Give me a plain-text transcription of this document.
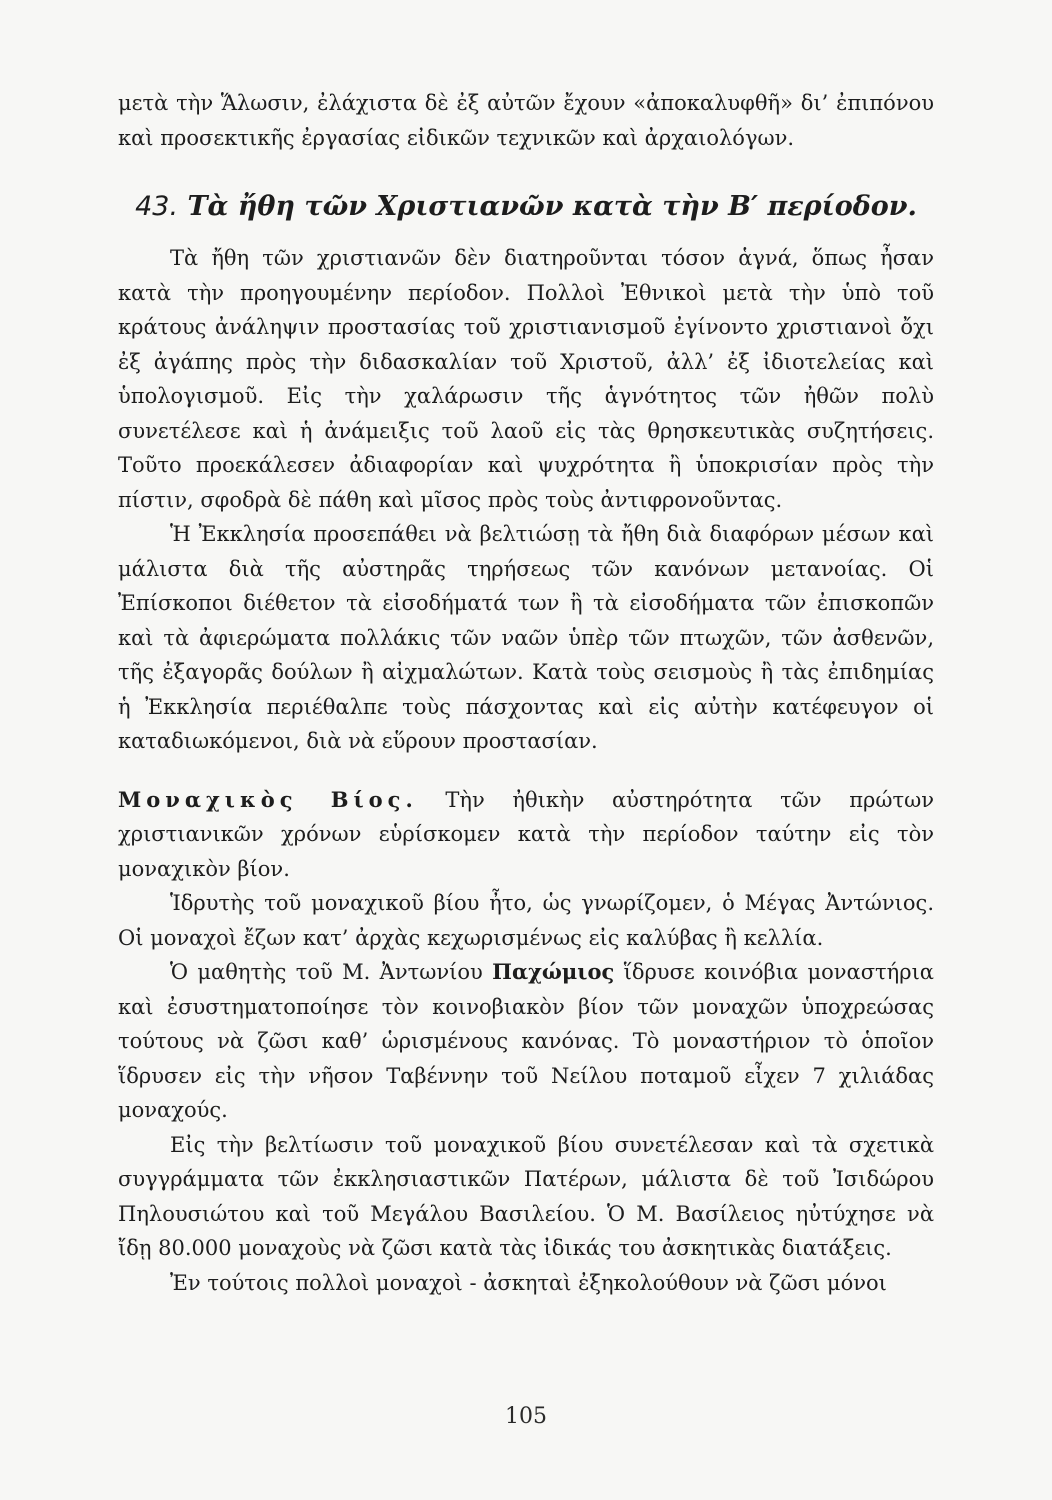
μετὰ τὴν Ἅλωσιν, ἐλάχιστα δὲ ἐξ αὐτῶν ἔχουν «ἀποκαλυφθῆ» δι’ ἐπιπόνου καὶ προσεκτικῆς ἐργασίας εἰδικῶν τεχνικῶν καὶ ἀρχαιολόγων.

43. Τὰ ἤθη τῶν Χριστιανῶν κατὰ τὴν Β′ περίοδον.

Τὰ ἤθη τῶν χριστιανῶν δὲν διατηροῦνται τόσον ἁγνά, ὅπως ἦσαν κατὰ τὴν προηγουμένην περίοδον. Πολλοὶ Ἐθνικοὶ μετὰ τὴν ὑπὸ τοῦ κράτους ἀνάληψιν προστασίας τοῦ χριστιανισμοῦ ἐγίνοντο χριστιανοὶ ὄχι ἐξ ἀγάπης πρὸς τὴν διδασκαλίαν τοῦ Χριστοῦ, ἀλλ’ ἐξ ἰδιοτελείας καὶ ὑπολογισμοῦ. Εἰς τὴν χαλάρωσιν τῆς ἁγνότητος τῶν ἠθῶν πολὺ συνετέλεσε καὶ ἡ ἀνάμειξις τοῦ λαοῦ εἰς τὰς θρησκευτικὰς συζητήσεις. Τοῦτο προεκάλεσεν ἀδιαφορίαν καὶ ψυχρότητα ἢ ὑποκρισίαν πρὸς τὴν πίστιν, σφοδρὰ δὲ πάθη καὶ μῖσος πρὸς τοὺς ἀντιφρονοῦντας.

Ἡ Ἐκκλησία προσεπάθει νὰ βελτιώσῃ τὰ ἤθη διὰ διαφόρων μέσων καὶ μάλιστα διὰ τῆς αὐστηρᾶς τηρήσεως τῶν κανόνων μετανοίας. Οἱ Ἐπίσκοποι διέθετον τὰ εἰσοδήματά των ἢ τὰ εἰσοδήματα τῶν ἐπισκοπῶν καὶ τὰ ἀφιερώματα πολλάκις τῶν ναῶν ὑπὲρ τῶν πτωχῶν, τῶν ἀσθενῶν, τῆς ἐξαγορᾶς δούλων ἢ αἰχμαλώτων. Κατὰ τοὺς σεισμοὺς ἢ τὰς ἐπιδημίας ἡ Ἐκκλησία περιέθαλπε τοὺς πάσχοντας καὶ εἰς αὐτὴν κατέφευγον οἱ καταδιωκόμενοι, διὰ νὰ εὕρουν προστασίαν.

Μοναχικὸς Βίος. Τὴν ἠθικὴν αὐστηρότητα τῶν πρώτων χριστιανικῶν χρόνων εὑρίσκομεν κατὰ τὴν περίοδον ταύτην εἰς τὸν μοναχικὸν βίον.

Ἱδρυτὴς τοῦ μοναχικοῦ βίου ἦτο, ὡς γνωρίζομεν, ὁ Μέγας Ἀντώνιος. Οἱ μοναχοὶ ἔζων κατ’ ἀρχὰς κεχωρισμένως εἰς καλύβας ἢ κελλία.

Ὁ μαθητὴς τοῦ Μ. Ἀντωνίου Παχώμιος ἵδρυσε κοινόβια μοναστήρια καὶ ἐσυστηματοποίησε τὸν κοινοβιακὸν βίον τῶν μοναχῶν ὑποχρεώσας τούτους νὰ ζῶσι καθ’ ὡρισμένους κανόνας. Τὸ μοναστήριον τὸ ὁποῖον ἵδρυσεν εἰς τὴν νῆσον Ταβέννην τοῦ Νείλου ποταμοῦ εἶχεν 7 χιλιάδας μοναχούς.

Εἰς τὴν βελτίωσιν τοῦ μοναχικοῦ βίου συνετέλεσαν καὶ τὰ σχετικὰ συγγράμματα τῶν ἐκκλησιαστικῶν Πατέρων, μάλιστα δὲ τοῦ Ἰσιδώρου Πηλουσιώτου καὶ τοῦ Μεγάλου Βασιλείου. Ὁ Μ. Βασίλειος ηὐτύχησε νὰ ἴδῃ 80.000 μοναχοὺς νὰ ζῶσι κατὰ τὰς ἰδικάς του ἀσκητικὰς διατάξεις.

Ἐν τούτοις πολλοὶ μοναχοὶ - ἀσκηταὶ ἐξηκολούθουν νὰ ζῶσι μόνοι

105
